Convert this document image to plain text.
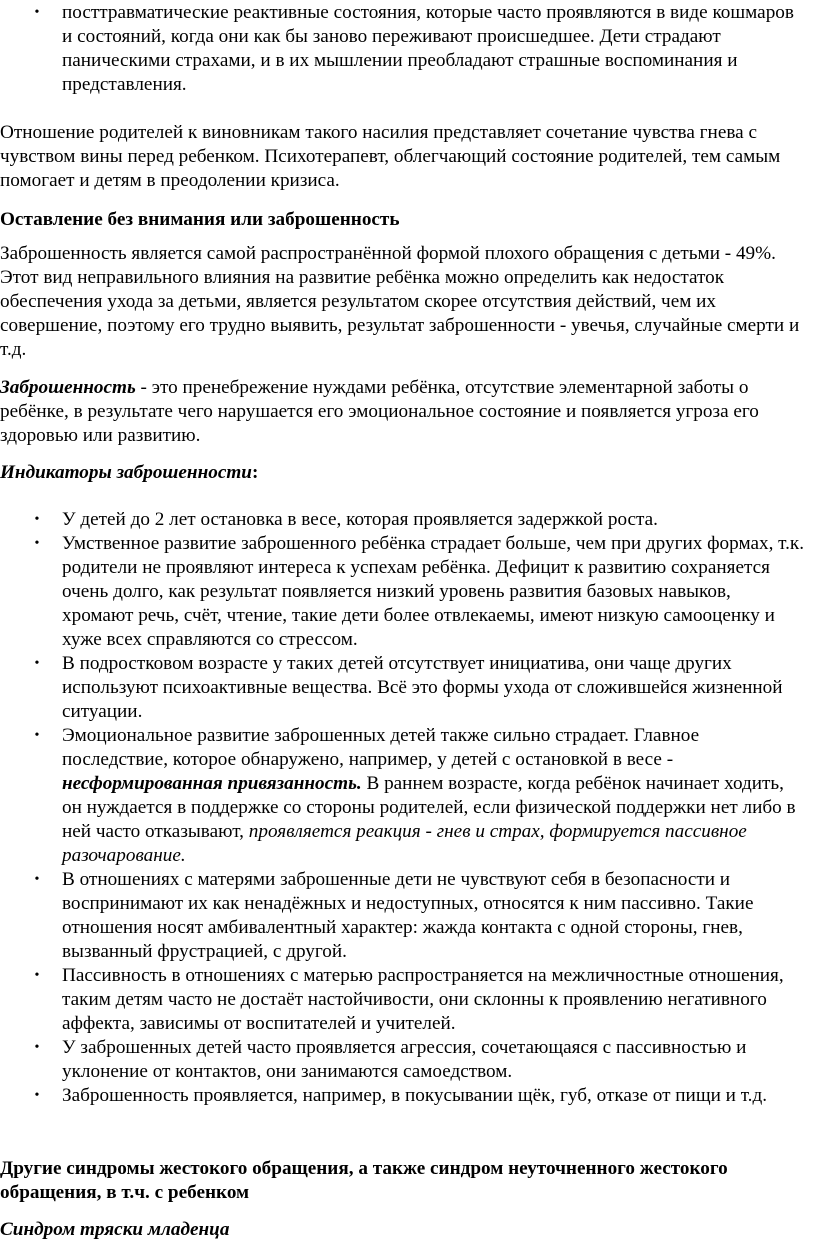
• посттравматические реактивные состояния, которые часто проявляются в виде кошмаров и состояний, когда они как бы заново переживают происшедшее. Дети страдают паническими страхами, и в их мышлении преобладают страшные воспоминания и представления.

Отношение родителей к виновникам такого насилия представляет сочетание чувства гнева с чувством вины перед ребенком. Психотерапевт, облегчающий состояние родителей, тем самым помогает и детям в преодолении кризиса.

Оставление без внимания или заброшенность

Заброшенность является самой распространённой формой плохого обращения с детьми - 49%. Этот вид неправильного влияния на развитие ребёнка можно определить как недостаток обеспечения ухода за детьми, является результатом скорее отсутствия действий, чем их совершение, поэтому его трудно выявить, результат заброшенности - увечья, случайные смерти и т.д.

Заброшенность - это пренебрежение нуждами ребёнка, отсутствие элементарной заботы о ребёнке, в результате чего нарушается его эмоциональное состояние и появляется угроза его здоровью или развитию.

Индикаторы заброшенности:

• У детей до 2 лет остановка в весе, которая проявляется задержкой роста.
• Умственное развитие заброшенного ребёнка страдает больше, чем при других формах, т.к. родители не проявляют интереса к успехам ребёнка. Дефицит к развитию сохраняется очень долго, как результат появляется низкий уровень развития базовых навыков, хромают речь, счёт, чтение, такие дети более отвлекаемы, имеют низкую самооценку и хуже всех справляются со стрессом.
• В подростковом возрасте у таких детей отсутствует инициатива, они чаще других используют психоактивные вещества. Всё это формы ухода от сложившейся жизненной ситуации.
• Эмоциональное развитие заброшенных детей также сильно страдает. Главное последствие, которое обнаружено, например, у детей с остановкой в весе - несформированная привязанность. В раннем возрасте, когда ребёнок начинает ходить, он нуждается в поддержке со стороны родителей, если физической поддержки нет либо в ней часто отказывают, проявляется реакция - гнев и страх, формируется пассивное разочарование.
• В отношениях с матерями заброшенные дети не чувствуют себя в безопасности и воспринимают их как ненадёжных и недоступных, относятся к ним пассивно. Такие отношения носят амбивалентный характер: жажда контакта с одной стороны, гнев, вызванный фрустрацией, с другой.
• Пассивность в отношениях с матерью распространяется на межличностные отношения, таким детям часто не достаёт настойчивости, они склонны к проявлению негативного аффекта, зависимы от воспитателей и учителей.
• У заброшенных детей часто проявляется агрессия, сочетающаяся с пассивностью и уклонение от контактов, они занимаются самоедством.
• Заброшенность проявляется, например, в покусывании щёк, губ, отказе от пищи и т.д.

Другие синдромы жестокого обращения, а также синдром неуточненного жестокого обращения, в т.ч. с ребенком

Синдром тряски младенца
